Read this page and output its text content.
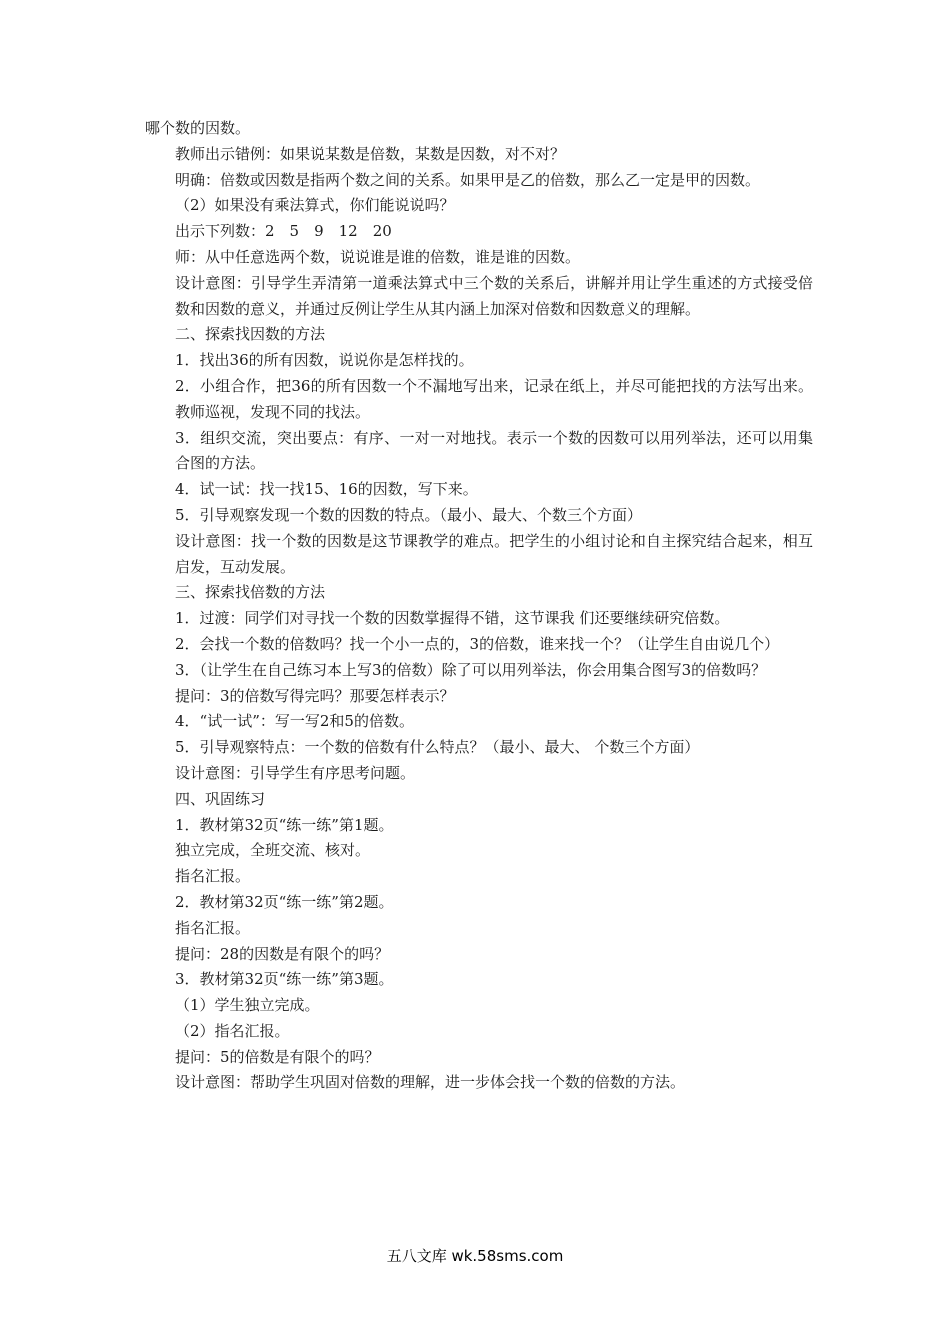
哪个数的因数。

教师出示错例：如果说某数是倍数，某数是因数，对不对？

明确：倍数或因数是指两个数之间的关系。如果甲是乙的倍数，那么乙一定是甲的因数。

（2）如果没有乘法算式，你们能说说吗？

出示下列数：2　5　9　12　20

师：从中任意选两个数，说说谁是谁的倍数，谁是谁的因数。

设计意图：引导学生弄清第一道乘法算式中三个数的关系后，讲解并用让学生重述的方式接受倍数和因数的意义，并通过反例让学生从其内涵上加深对倍数和因数意义的理解。

二、探索找因数的方法

1．找出36的所有因数，说说你是怎样找的。

2．小组合作，把36的所有因数一个不漏地写出来，记录在纸上，并尽可能把找的方法写出来。教师巡视，发现不同的找法。

3．组织交流，突出要点：有序、一对一对地找。表示一个数的因数可以用列举法，还可以用集合图的方法。

4．试一试：找一找15、16的因数，写下来。

5．引导观察发现一个数的因数的特点。（最小、最大、个数三个方面）

设计意图：找一个数的因数是这节课教学的难点。把学生的小组讨论和自主探究结合起来，相互启发，互动发展。

三、探索找倍数的方法

1．过渡：同学们对寻找一个数的因数掌握得不错，这节课我 们还要继续研究倍数。

2．会找一个数的倍数吗？找一个小一点的，3的倍数，谁来找一个？（让学生自由说几个）

3．（让学生在自己练习本上写3的倍数）除了可以用列举法，你会用集合图写3的倍数吗？

提问：3的倍数写得完吗？那要怎样表示？

4．“试一试”：写一写2和5的倍数。

5．引导观察特点：一个数的倍数有什么特点？（最小、最大、 个数三个方面）

设计意图：引导学生有序思考问题。

四、巩固练习

1．教材第32页“练一练”第1题。

独立完成，全班交流、核对。

指名汇报。

2．教材第32页“练一练”第2题。

指名汇报。

提问：28的因数是有限个的吗？

3．教材第32页“练一练”第3题。

（1）学生独立完成。

（2）指名汇报。

提问：5的倍数是有限个的吗？

设计意图：帮助学生巩固对倍数的理解，进一步体会找一个数的倍数的方法。

五八文库 wk.58sms.com
